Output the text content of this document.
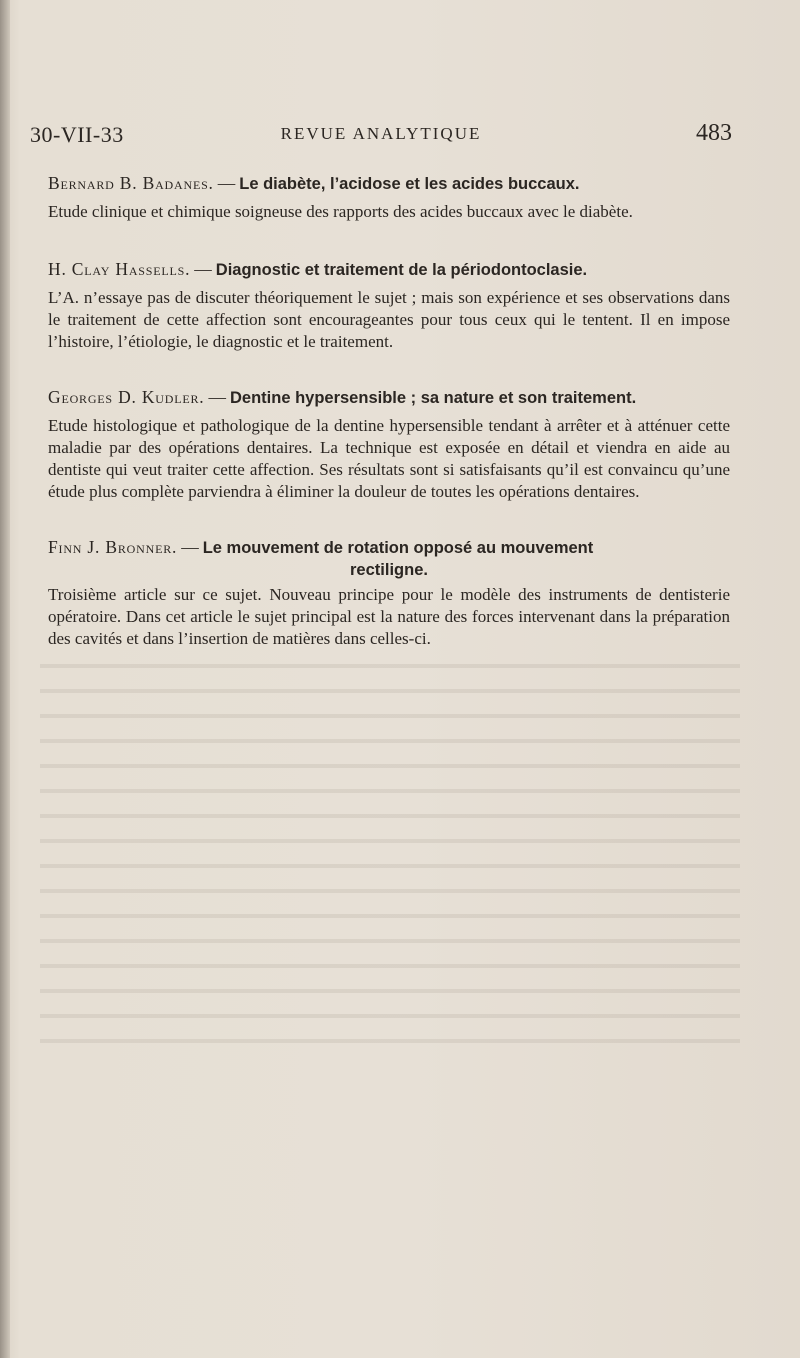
30-VII-33	REVUE ANALYTIQUE	483

Bernard B. Badanes. — Le diabète, l’acidose et les acides buccaux.

Etude clinique et chimique soigneuse des rapports des acides buccaux avec le diabète.

H. Clay Hassells. — Diagnostic et traitement de la périodontoclasie.

L’A. n’essaye pas de discuter théoriquement le sujet ; mais son expérience et ses observations dans le traitement de cette affection sont encourageantes pour tous ceux qui le tentent. Il en impose l’histoire, l’étiologie, le diagnostic et le traitement.

Georges D. Kudler. — Dentine hypersensible ; sa nature et son traitement.

Etude histologique et pathologique de la dentine hypersensible tendant à arrêter et à atténuer cette maladie par des opérations dentaires. La technique est exposée en détail et viendra en aide au dentiste qui veut traiter cette affection. Ses résultats sont si satisfaisants qu’il est convaincu qu’une étude plus complète parviendra à éliminer la douleur de toutes les opérations dentaires.

Finn J. Bronner. — Le mouvement de rotation opposé au mouvement

rectiligne.

Troisième article sur ce sujet. Nouveau principe pour le modèle des instruments de dentisterie opératoire. Dans cet article le sujet principal est la nature des forces intervenant dans la préparation des cavités et dans l’insertion de matières dans celles-ci.
